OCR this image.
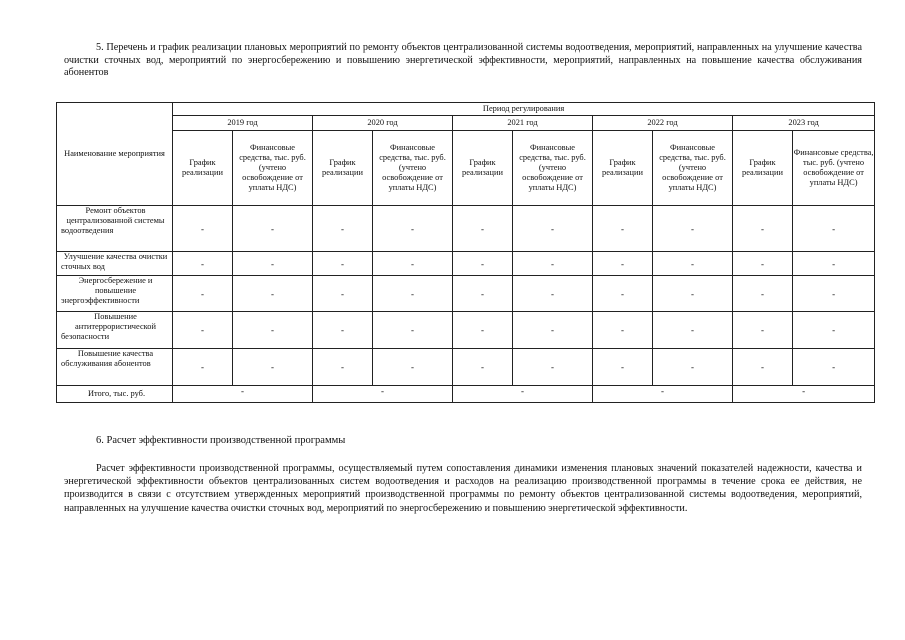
5. Перечень и график реализации плановых мероприятий по ремонту объектов централизованной системы водоотведения, мероприятий, направленных на улучшение качества очистки сточных вод, мероприятий по энергосбережению и повышению энергетической эффективности, мероприятий, направленных на повышение качества обслуживания абонентов
Наименование мероприятия	Период регулирования									
	2019 год		2020 год		2021 год		2022 год		2023 год	
	График реализации	Финансовые средства, тыс. руб. (учтено освобождение от уплаты НДС)	График реализации	Финансовые средства, тыс. руб. (учтено освобождение от уплаты НДС)	График реализации	Финансовые средства, тыс. руб. (учтено освобождение от уплаты НДС)	График реализации	Финансовые средства, тыс. руб. (учтено освобождение от уплаты НДС)	График реализации	Финансовые средства, тыс. руб. (учтено освобождение от уплаты НДС)
Ремонт объектов централизованной системы водоотведения	-	-	-	-	-	-	-	-	-	-
Улучшение качества очистки сточных вод	-	-	-	-	-	-	-	-	-	-
Энергосбережение и повышение энергоэффективности	-	-	-	-	-	-	-	-	-	-
Повышение антитеррористической безопасности	-	-	-	-	-	-	-	-	-	-
Повышение качества обслуживания абонентов	-	-	-	-	-	-	-	-	-	-
Итого, тыс. руб.	-		-		-		-		-	
6. Расчет эффективности производственной программы
Расчет эффективности производственной программы, осуществляемый путем сопоставления динамики изменения плановых значений показателей надежности, качества и энергетической эффективности объектов централизованных систем водоотведения и расходов на реализацию производственной программы в течение срока ее действия, не производится в связи с отсутствием утвержденных мероприятий производственной программы по ремонту объектов централизованной системы водоотведения, мероприятий, направленных на улучшение качества очистки сточных вод, мероприятий по энергосбережению и повышению энергетической эффективности.
